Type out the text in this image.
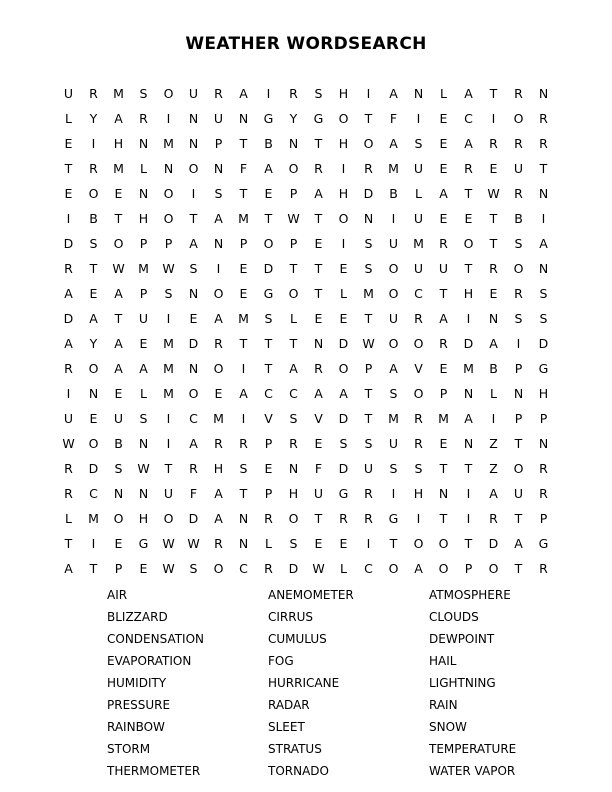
WEATHER WORDSEARCH
U	R	M	S	O	U	R	A	I	R	S	H	I	A	N	L	A	T	R	N
L	Y	A	R	I	N	U	N	G	Y	G	O	T	F	I	E	C	I	O	R
E	I	H	N	M	N	P	T	B	N	T	H	O	A	S	E	A	R	R	R
T	R	M	L	N	O	N	F	A	O	R	I	R	M	U	E	R	E	U	T
E	O	E	N	O	I	S	T	E	P	A	H	D	B	L	A	T	W	R	N
I	B	T	H	O	T	A	M	T	W	T	O	N	I	U	E	E	T	B	I
D	S	O	P	P	A	N	P	O	P	E	I	S	U	M	R	O	T	S	A
R	T	W	M	W	S	I	E	D	T	T	E	S	O	U	U	T	R	O	N
A	E	A	P	S	N	O	E	G	O	T	L	M	O	C	T	H	E	R	S
D	A	T	U	I	E	A	M	S	L	E	E	T	U	R	A	I	N	S	S
A	Y	A	E	M	D	R	T	T	T	N	D	W	O	O	R	D	A	I	D
R	O	A	A	M	N	O	I	T	A	R	O	P	A	V	E	M	B	P	G
I	N	E	L	M	O	E	A	C	C	A	A	T	S	O	P	N	L	N	H
U	E	U	S	I	C	M	I	V	S	V	D	T	M	R	M	A	I	P	P
W	O	B	N	I	A	R	R	P	R	E	S	S	U	R	E	N	Z	T	N
R	D	S	W	T	R	H	S	E	N	F	D	U	S	S	T	T	Z	O	R
R	C	N	N	U	F	A	T	P	H	U	G	R	I	H	N	I	A	U	R
L	M	O	H	O	D	A	N	R	O	T	R	R	G	I	T	I	R	T	P
T	I	E	G	W	W	R	N	L	S	E	E	I	T	O	O	T	D	A	G
A	T	P	E	W	S	O	C	R	D	W	L	C	O	A	O	P	O	T	R
AIR	ANEMOMETER	ATMOSPHERE
BLIZZARD	CIRRUS	CLOUDS
CONDENSATION	CUMULUS	DEWPOINT
EVAPORATION	FOG	HAIL
HUMIDITY	HURRICANE	LIGHTNING
PRESSURE	RADAR	RAIN
RAINBOW	SLEET	SNOW
STORM	STRATUS	TEMPERATURE
THERMOMETER	TORNADO	WATER VAPOR
